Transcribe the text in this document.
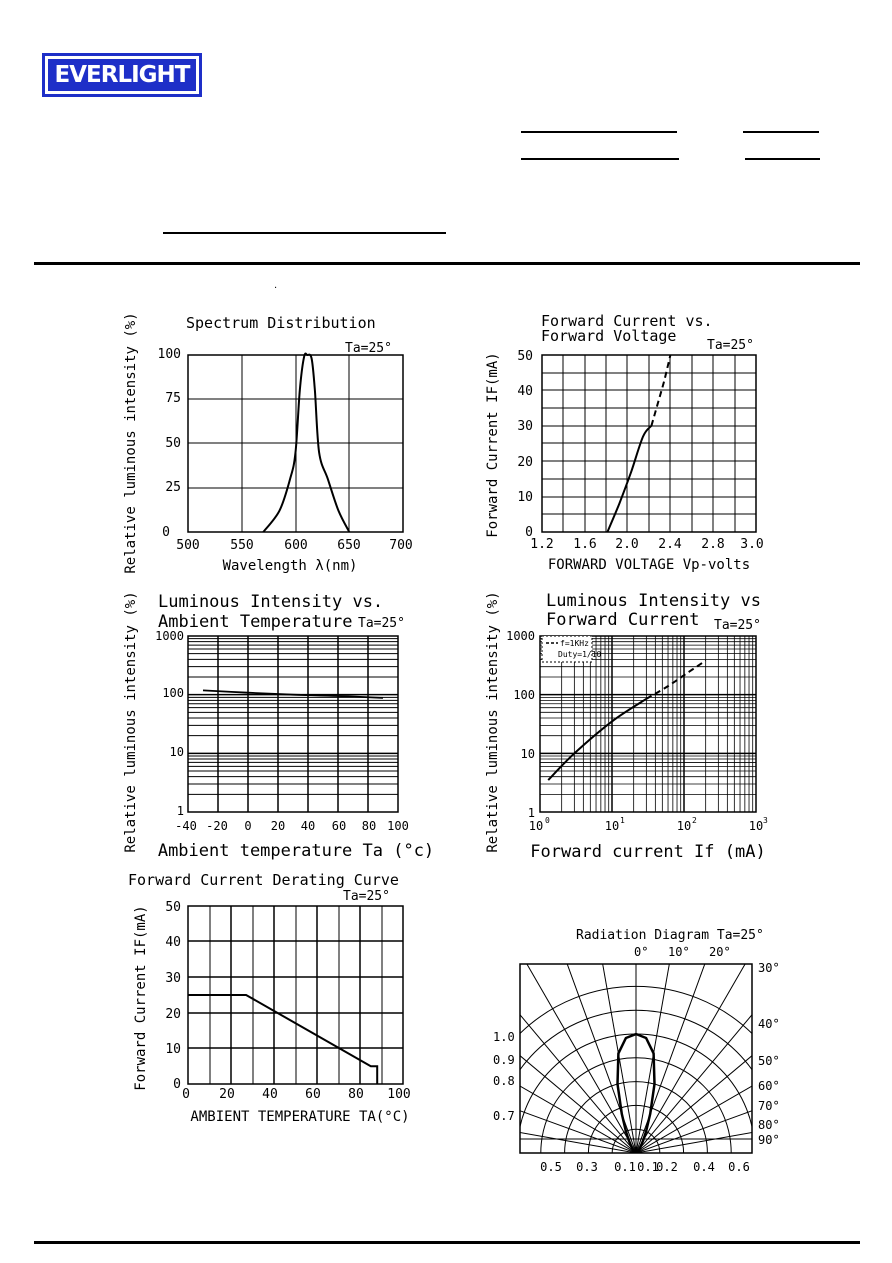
EVERLIGHT
.
Spectrum Distribution
Ta=25°
100
75
50
25
0
500 550 600 650 700
Wavelength λ(nm)
Relative luminous intensity (%)	Forward Current vs.
Forward Voltage
Ta=25°
50
40
30
20
10
0
1.2 1.6 2.0 2.4 2.8 3.0
FORWARD VOLTAGE Vp-volts
Forward Current IF(mA)
Luminous Intensity vs.
Ambient Temperature Ta=25°
1000
100
10
1
-40 -20 0 20 40 60 80 100
Ambient temperature Ta (°c)
Relative luminous intensity (%)	Luminous Intensity vs
Forward Current Ta=25°
f=1KHz
Duty=1/10
1000
100
10
1
10 0	10 1	10 2	10 3
Forward current If (mA)
Relative luminous intensity (%)
Forward Current Derating Curve
Ta=25°
50
40
30
20
10
0
0 20 40 60 80 100
AMBIENT TEMPERATURE TA(°C)
Forward Current IF(mA)	Radiation Diagram Ta=25°
0° 10° 20°
30°
40°
50°
60°
70°
80°
90°
1.0
0.9
0.8
0.7
0.5 0.3 0.1 0.1
0.2 0.4 0.6
